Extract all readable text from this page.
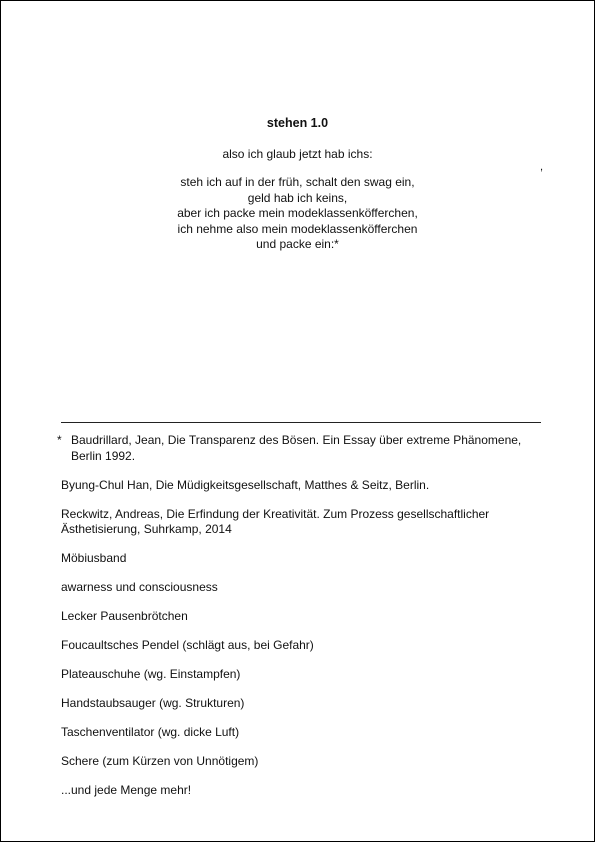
stehen 1.0
also ich glaub jetzt hab ichs:
steh ich auf in der früh, schalt den swag ein,
geld hab ich keins,
aber ich packe mein modeklassenköfferchen,
ich nehme also mein modeklassenköfferchen
und packe ein:*
,
* Baudrillard, Jean, Die Transparenz des Bösen. Ein Essay über extreme Phänomene, Berlin 1992.
Byung-Chul Han, Die Müdigkeitsgesellschaft, Matthes & Seitz, Berlin.
Reckwitz, Andreas, Die Erfindung der Kreativität. Zum Prozess gesellschaftlicher Ästhetisierung, Suhrkamp, 2014
Möbiusband
awarness und consciousness
Lecker Pausenbrötchen
Foucaultsches Pendel (schlägt aus, bei Gefahr)
Plateauschuhe (wg. Einstampfen)
Handstaubsauger (wg. Strukturen)
Taschenventilator (wg. dicke Luft)
Schere (zum Kürzen von Unnötigem)
...und jede Menge mehr!
